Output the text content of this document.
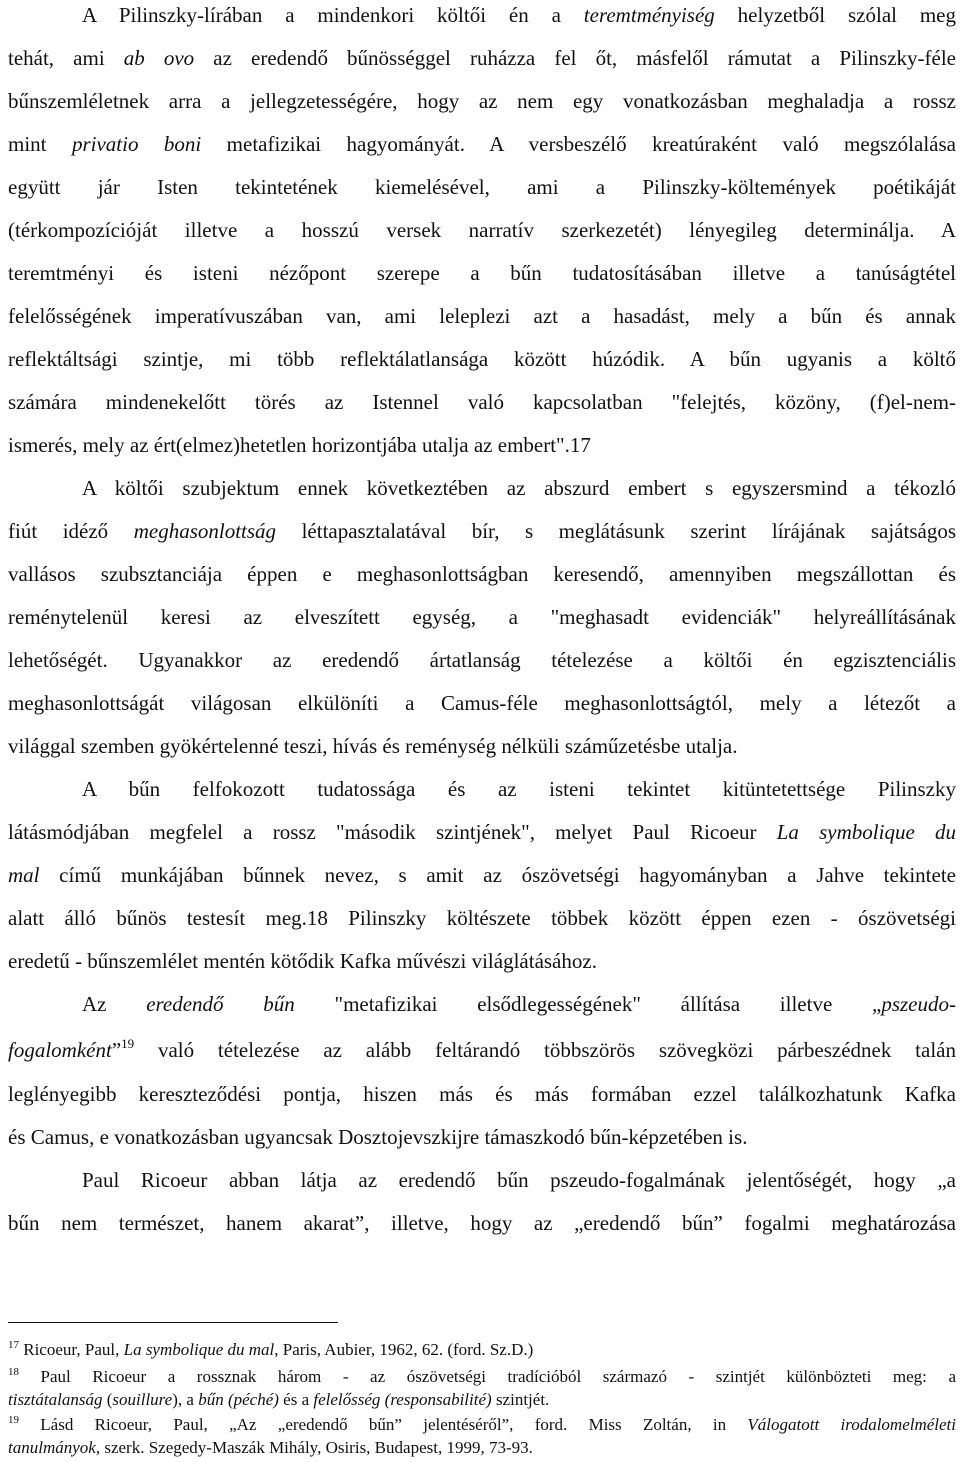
A Pilinszky-lírában a mindenkori költői én a teremtményiség helyzetből szólal meg
tehát, ami ab ovo az eredendő bűnösséggel ruházza fel őt, másfelől rámutat a Pilinszky-féle
bűnszemléletnek arra a jellegzetességére, hogy az nem egy vonatkozásban meghaladja a rossz
mint privatio boni metafizikai hagyományát. A versbeszélő kreatúraként való megszólalása
együtt jár Isten tekintetének kiemelésével, ami a Pilinszky-költemények poétikáját
(térkompozícióját illetve a hosszú versek narratív szerkezetét) lényegileg determinálja. A
teremtményi és isteni nézőpont szerepe a bűn tudatosításában illetve a tanúságtétel
felelősségének imperatívuszában van, ami leleplezi azt a hasadást, mely a bűn és annak
reflektáltsági szintje, mi több reflektálatlansága között húzódik. A bűn ugyanis a költő
számára mindenekelőtt törés az Istennel való kapcsolatban "felejtés, közöny, (f)el-nem-
ismerés, mely az ért(elmez)hetetlen horizontjába utalja az embert".17
A költői szubjektum ennek következtében az abszurd embert s egyszersmind a tékozló
fiút idéző meghasonlottság léttapasztalatával bír, s meglátásunk szerint lírájának sajátságos
vallásos szubsztanciája éppen e meghasonlottságban keresendő, amennyiben megszállottan és
reménytelenül keresi az elveszített egység, a "meghasadt evidenciák" helyreállításának
lehetőségét. Ugyanakkor az eredendő ártatlanság tételezése a költői én egzisztenciális
meghasonlottságát világosan elkülöníti a Camus-féle meghasonlottságtól, mely a létezőt a
világgal szemben gyökértelenné teszi, hívás és reménység nélküli száműzetésbe utalja.
A bűn felfokozott tudatossága és az isteni tekintet kitüntetettsége Pilinszky
látásmódjában megfelel a rossz "második szintjének", melyet Paul Ricoeur La symbolique du
mal című munkájában bűnnek nevez, s amit az ószövetségi hagyományban a Jahve tekintete
alatt álló bűnös testesít meg.18 Pilinszky költészete többek között éppen ezen - ószövetségi
eredetű - bűnszemlélet mentén kötődik Kafka művészi világlátásához.
Az eredendő bűn "metafizikai elsődlegességének" állítása illetve „pszeudo-
fogalomként”$^{19}$ való tételezése az alább feltárandó többszörös szövegközi párbeszédnek talán
leglényegibb kereszteződési pontja, hiszen más és más formában ezzel találkozhatunk Kafka
és Camus, e vonatkozásban ugyancsak Dosztojevszkijre támaszkodó bűn-képzetében is.
Paul Ricoeur abban látja az eredendő bűn pszeudo-fogalmának jelentőségét, hogy „a
bűn nem természet, hanem akarat”, illetve, hogy az „eredendő bűn” fogalmi meghatározása
$^{17}$ Ricoeur, Paul, La symbolique du mal, Paris, Aubier, 1962, 62. (ford. Sz.D.)
$^{18}$ Paul Ricoeur a rossznak három - az ószövetségi tradícióból származó - szintjét különbözteti meg: a
tisztátalanság (souillure), a bűn (péché) és a felelősség (responsabilité) szintjét.
$^{19}$ Lásd Ricoeur, Paul, „Az „eredendő bűn” jelentéséről”, ford. Miss Zoltán, in Válogatott irodalomelméleti
tanulmányok, szerk. Szegedy-Maszák Mihály, Osiris, Budapest, 1999, 73-93.
